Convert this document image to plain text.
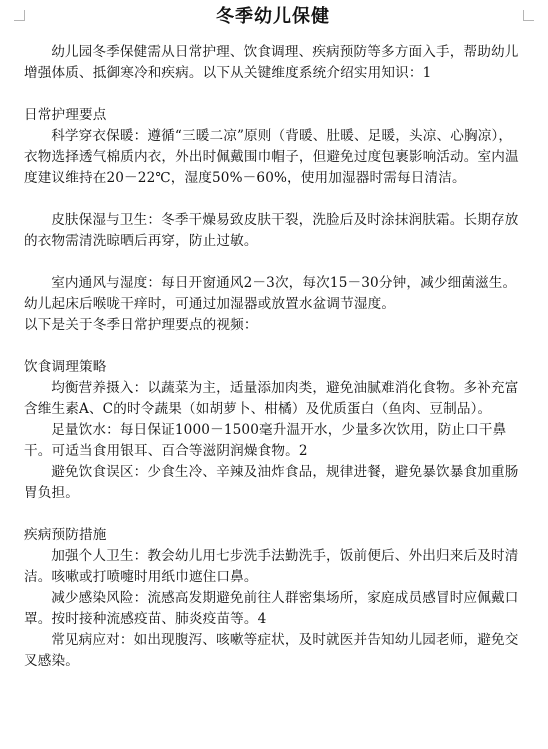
冬季幼儿保健

幼儿园冬季保健需从日常护理、饮食调理、疾病预防等多方面入手，帮助幼儿增强体质、抵御寒冷和疾病。以下从关键维度系统介绍实用知识：1

日常护理要点

科学穿衣保暖：遵循“三暖二凉”原则（背暖、肚暖、足暖，头凉、心胸凉），衣物选择透气棉质内衣，外出时佩戴围巾帽子，但避免过度包裹影响活动。室内温度建议维持在20－22℃，湿度50%－60%，使用加湿器时需每日清洁。

皮肤保湿与卫生：冬季干燥易致皮肤干裂，洗脸后及时涂抹润肤霜。长期存放的衣物需清洗晾晒后再穿，防止过敏。

室内通风与湿度：每日开窗通风2－3次，每次15－30分钟，减少细菌滋生。幼儿起床后喉咙干痒时，可通过加湿器或放置水盆调节湿度。

以下是关于冬季日常护理要点的视频：

饮食调理策略

均衡营养摄入：以蔬菜为主，适量添加肉类，避免油腻难消化食物。多补充富含维生素A、C的时令蔬果（如胡萝卜、柑橘）及优质蛋白（鱼肉、豆制品）。

足量饮水：每日保证1000－1500毫升温开水，少量多次饮用，防止口干鼻干。可适当食用银耳、百合等滋阴润燥食物。2

避免饮食误区：少食生冷、辛辣及油炸食品，规律进餐，避免暴饮暴食加重肠胃负担。

疾病预防措施

加强个人卫生：教会幼儿用七步洗手法勤洗手，饭前便后、外出归来后及时清洁。咳嗽或打喷嚏时用纸巾遮住口鼻。

减少感染风险：流感高发期避免前往人群密集场所，家庭成员感冒时应佩戴口罩。按时接种流感疫苗、肺炎疫苗等。4

常见病应对：如出现腹泻、咳嗽等症状，及时就医并告知幼儿园老师，避免交叉感染。
